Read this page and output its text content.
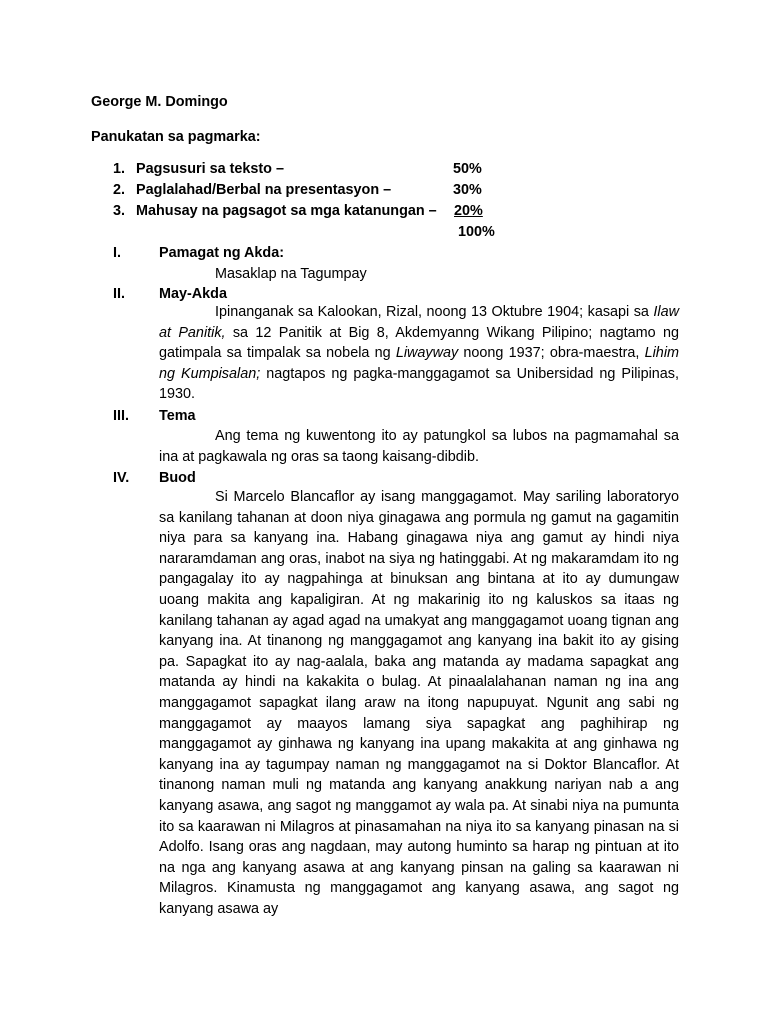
George M. Domingo
Panukatan sa pagmarka:
1. Pagsusuri sa teksto –	50%
2. Paglalahad/Berbal na presentasyon –	30%
3. Mahusay na pagsagot sa mga katanungan – 20%
100%
I.	Pamagat ng Akda:
Masaklap na Tagumpay
II. May-Akda

Ipinanganak sa Kalookan, Rizal, noong 13 Oktubre 1904; kasapi sa Ilaw at Panitik, sa 12 Panitik at Big 8, Akdemyanng Wikang Pilipino; nagtamo ng gatimpala sa timpalak sa nobela ng Liwayway noong 1937; obra-maestra, Lihim ng Kumpisalan; nagtapos ng pagka-manggagamot sa Unibersidad ng Pilipinas, 1930.

III. Tema

Ang tema ng kuwentong ito ay patungkol sa lubos na pagmamahal sa ina at pagkawala ng oras sa taong kaisang-dibdib.

IV. Buod

Si Marcelo Blancaflor ay isang manggagamot. May sariling laboratoryo sa kanilang tahanan at doon niya ginagawa ang pormula ng gamut na gagamitin niya para sa kanyang ina. Habang ginagawa niya ang gamut ay hindi niya nararamdaman ang oras, inabot na siya ng hatinggabi. At ng makaramdam ito ng pangagalay ito ay nagpahinga at binuksan ang bintana at ito ay dumungaw uoang makita ang kapaligiran. At ng makarinig ito ng kaluskos sa itaas ng kanilang tahanan ay agad agad na umakyat ang manggagamot uoang tignan ang kanyang ina. At tinanong ng manggagamot ang kanyang ina bakit ito ay gising pa. Sapagkat ito ay nag-aalala, baka ang matanda ay madama sapagkat ang matanda ay hindi na kakakita o bulag. At pinaalalahanan naman ng ina ang manggagamot sapagkat ilang araw na itong napupuyat. Ngunit ang sabi ng manggagamot ay maayos lamang siya sapagkat ang paghihirap ng manggagamot ay ginhawa ng kanyang ina upang makakita at ang ginhawa ng kanyang ina ay tagumpay naman ng manggagamot na si Doktor Blancaflor. At tinanong naman muli ng matanda ang kanyang anakkung nariyan nab a ang kanyang asawa, ang sagot ng manggamot ay wala pa. At sinabi niya na pumunta ito sa kaarawan ni Milagros at pinasamahan na niya ito sa kanyang pinasan na si Adolfo. Isang oras ang nagdaan, may autong huminto sa harap ng pintuan at ito na nga ang kanyang asawa at ang kanyang pinsan na galing sa kaarawan ni Milagros. Kinamusta ng manggagamot ang kanyang asawa, ang sagot ng kanyang asawa ay
